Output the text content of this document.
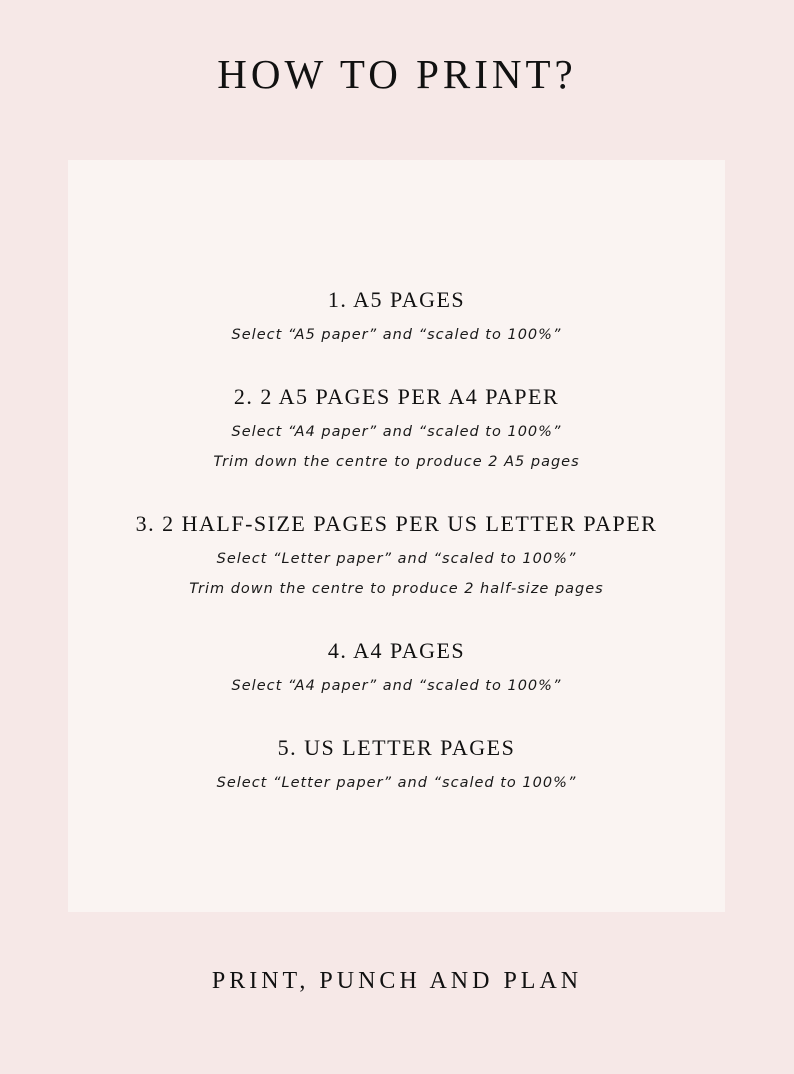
HOW TO PRINT?
1. A5 PAGES
Select “A5 paper” and “scaled to 100%”
2. 2 A5 PAGES PER A4 PAPER
Select “A4 paper” and “scaled to 100%”
Trim down the centre to produce 2 A5 pages
3. 2 HALF-SIZE PAGES PER US LETTER PAPER
Select “Letter paper” and “scaled to 100%”
Trim down the centre to produce 2 half-size pages
4. A4 PAGES
Select “A4 paper” and “scaled to 100%”
5. US LETTER PAGES
Select “Letter paper” and “scaled to 100%”
PRINT, PUNCH AND PLAN
